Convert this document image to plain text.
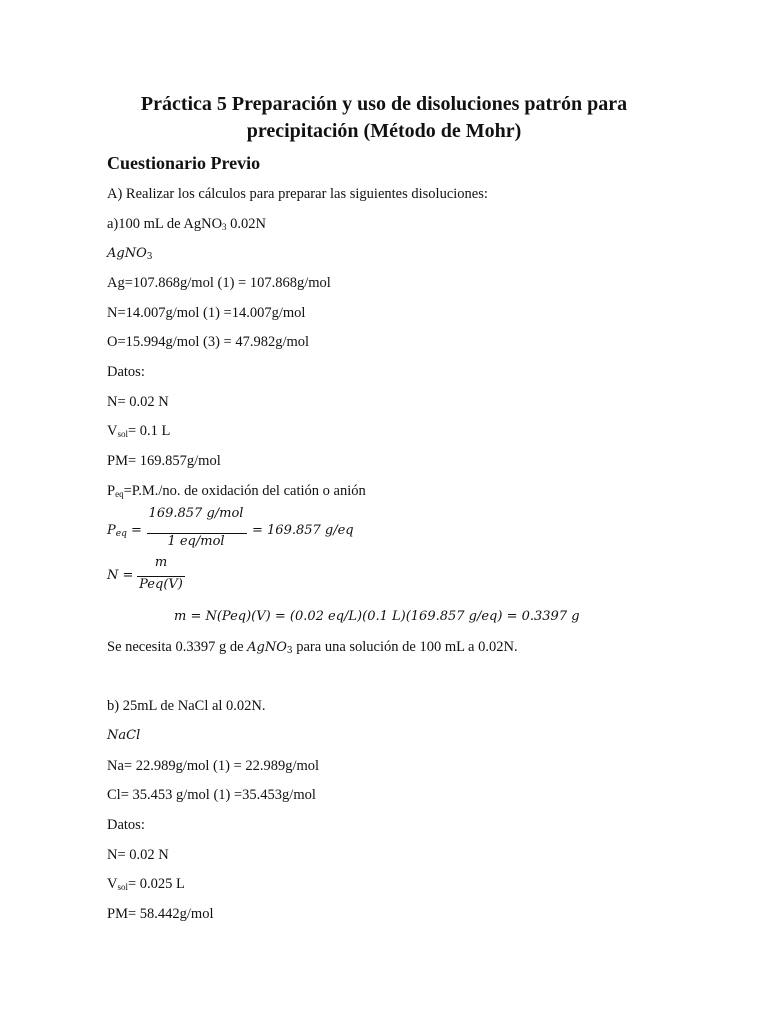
Práctica 5 Preparación y uso de disoluciones patrón para
precipitación (Método de Mohr)
Cuestionario Previo
A) Realizar los cálculos para preparar las siguientes disoluciones:
a)100 mL de AgNO$_3$ 0.02N
AgNO$_3$
Ag=107.868g/mol (1) = 107.868g/mol
N=14.007g/mol (1) =14.007g/mol
O=15.994g/mol (3) = 47.982g/mol
Datos:
N= 0.02 N
$V_{sol}= 0.1$ L
PM= 169.857g/mol
$P_{eq}=P.M./no$. de oxidación del catión o anión
$P_{eq}$ =
169.857 g/mol
1 eq/mol
= 169.857 g/eq
N =
m
Peq(V)
m = N(Peq)(V) = (0.02 eq/L)(0.1 L)(169.857 g/eq) = 0.3397 g
Se necesita 0.3397 g de AgNO$_3$ para una solución de 100 mL a 0.02N.
b) 25mL de NaCl al 0.02N.
NaCl
Na= 22.989g/mol (1) = 22.989g/mol
Cl= 35.453 g/mol (1) =35.453g/mol
Datos:
N= 0.02 N
$V_{sol}= 0.025$ L
PM= 58.442g/mol
